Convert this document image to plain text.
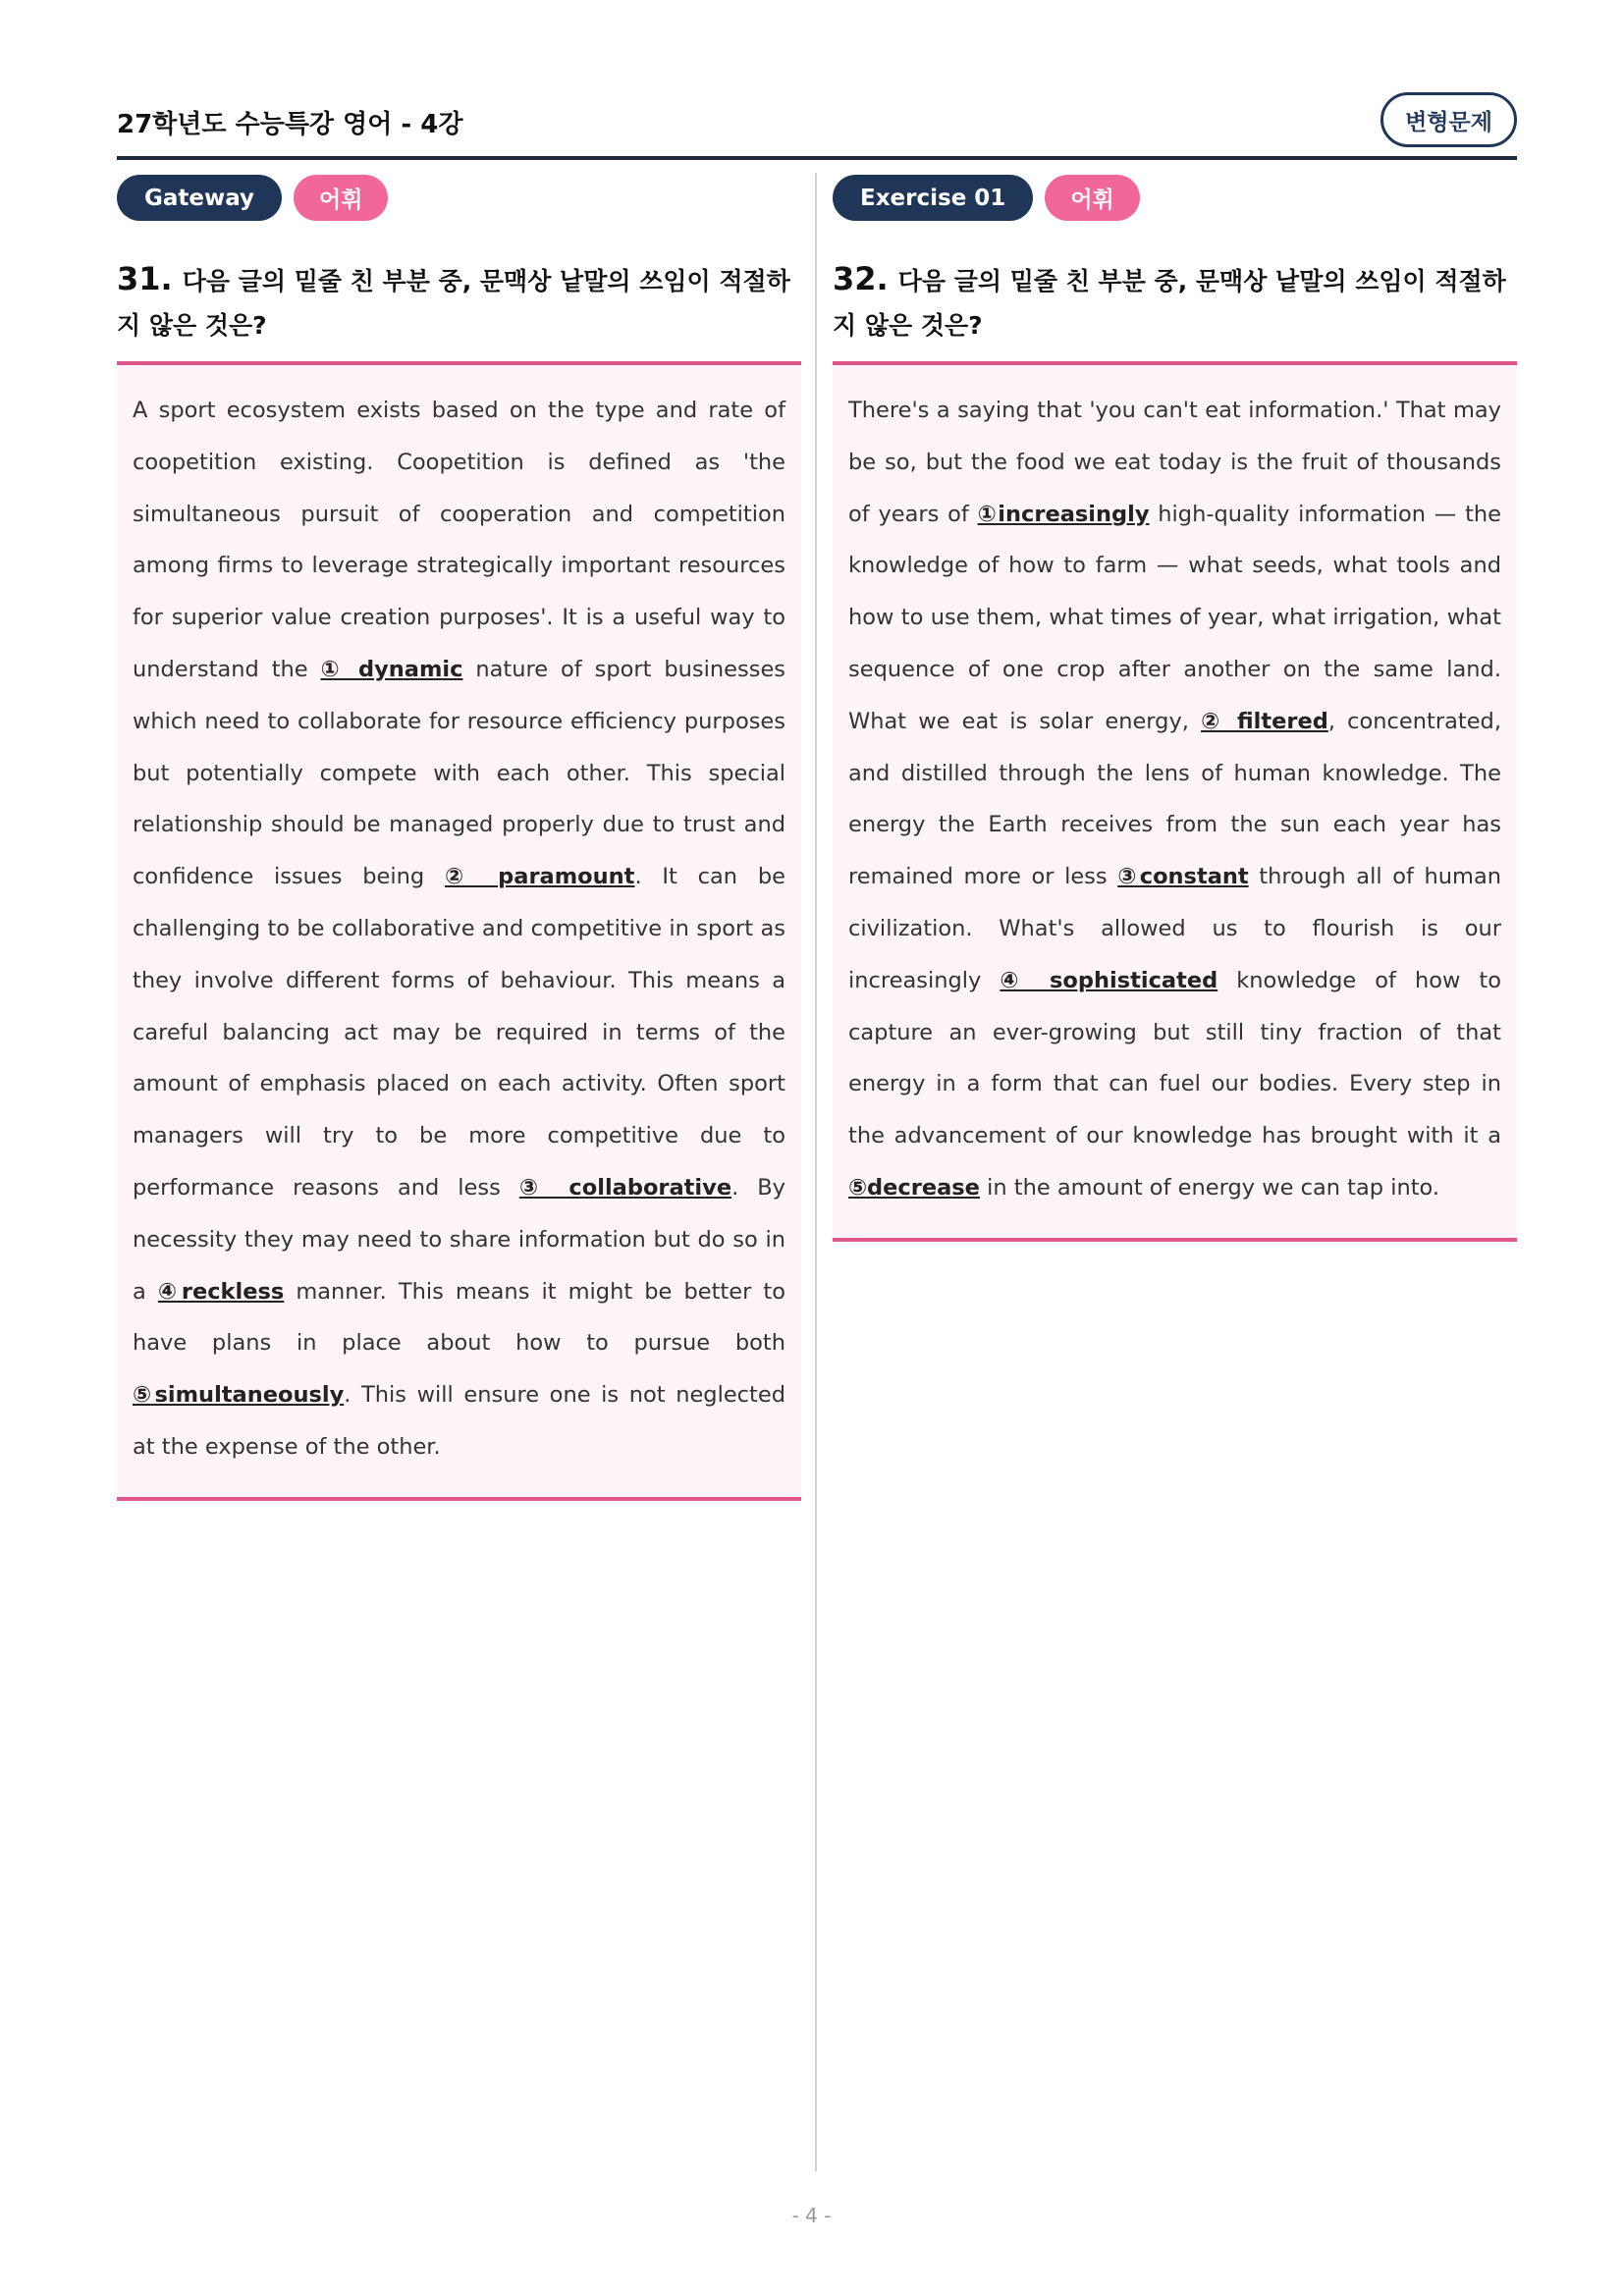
27학년도 수능특강 영어 - 4강	변형문제
Gateway	어휘
31. 다음 글의 밑줄 친 부분 중, 문맥상 낱말의 쓰임이 적절하지 않은 것은?
A sport ecosystem exists based on the type and rate of coopetition existing. Coopetition is defined as 'the simultaneous pursuit of cooperation and competition among firms to leverage strategically important resources for superior value creation purposes'. It is a useful way to understand the ① dynamic nature of sport businesses which need to collaborate for resource efficiency purposes but potentially compete with each other. This special relationship should be managed properly due to trust and confidence issues being ② paramount. It can be challenging to be collaborative and competitive in sport as they involve different forms of behaviour. This means a careful balancing act may be required in terms of the amount of emphasis placed on each activity. Often sport managers will try to be more competitive due to performance reasons and less ③ collaborative. By necessity they may need to share information but do so in a ④reckless manner. This means it might be better to have plans in place about how to pursue both ⑤simultaneously. This will ensure one is not neglected at the expense of the other.
Exercise 01	어휘
32. 다음 글의 밑줄 친 부분 중, 문맥상 낱말의 쓰임이 적절하지 않은 것은?
There's a saying that 'you can't eat information.' That may be so, but the food we eat today is the fruit of thousands of years of ①increasingly high-quality information — the knowledge of how to farm — what seeds, what tools and how to use them, what times of year, what irrigation, what sequence of one crop after another on the same land. What we eat is solar energy, ② filtered, concentrated, and distilled through the lens of human knowledge. The energy the Earth receives from the sun each year has remained more or less ③constant through all of human civilization. What's allowed us to flourish is our increasingly ④ sophisticated knowledge of how to capture an ever-growing but still tiny fraction of that energy in a form that can fuel our bodies. Every step in the advancement of our knowledge has brought with it a ⑤decrease in the amount of energy we can tap into.
- 4 -
